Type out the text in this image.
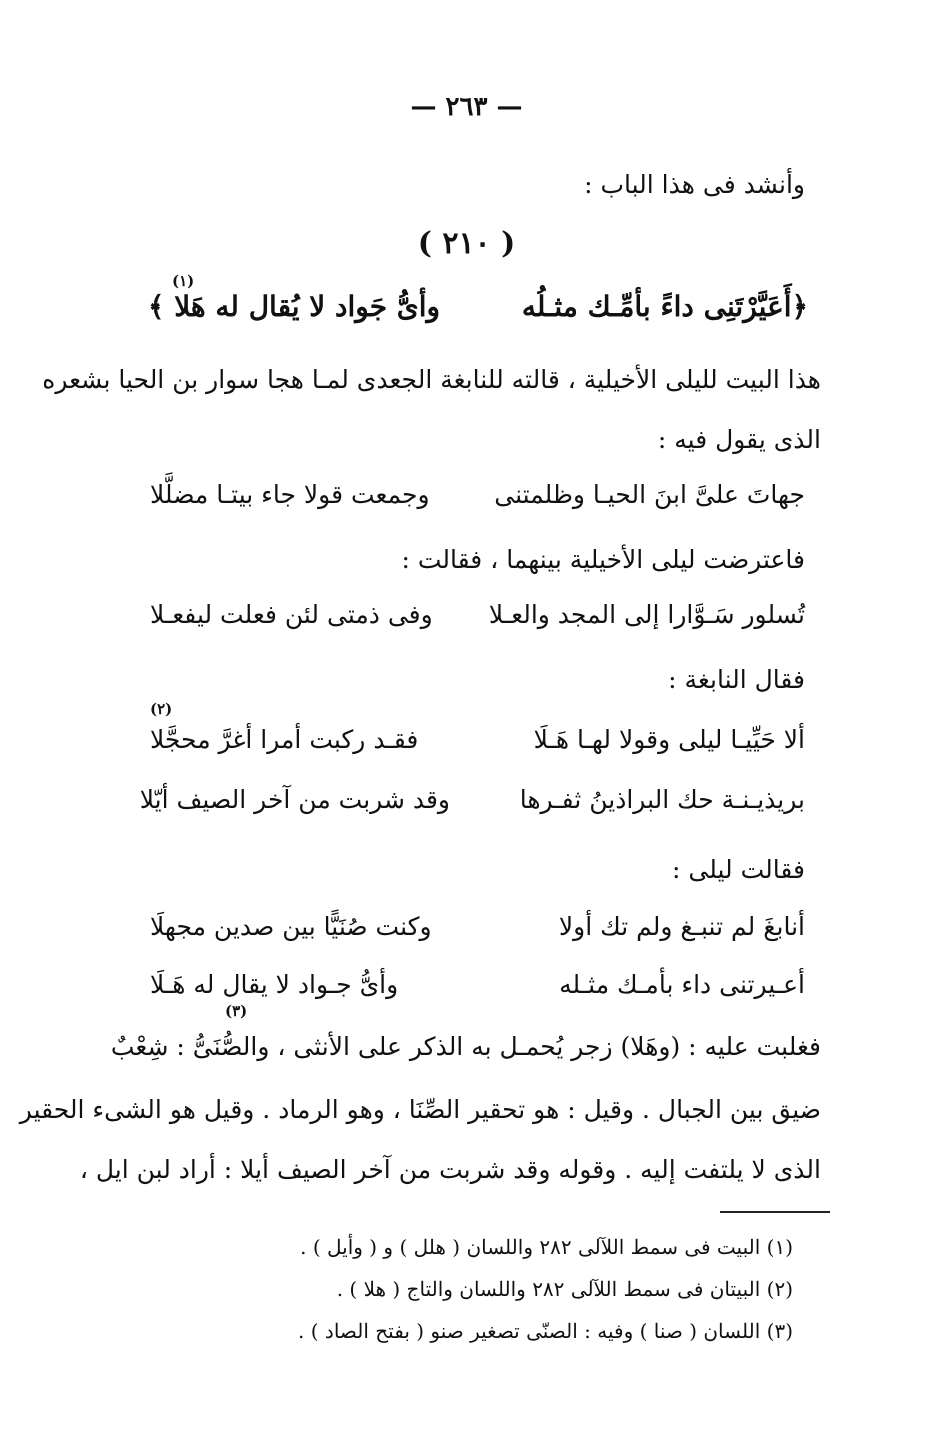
— ٢٦٣ —
وأنشد فى هذا الباب :
( ٢١٠ )
(١)
﴿أَعَيَّرْتَنِى داءً بأمِّـك مثـلُه
وأىُّ جَواد لا يُقال له هَلا ﴾
هذا البيت لليلى الأخيلية ، قالته للنابغة الجعدى لمـا هجا سوار بن الحيا بشعره
الذى يقول فيه :
جهاتَ علىَّ ابنَ الحيـا وظلمتنى
وجمعت قولا جاء بيتـا مضلَّلا
فاعترضت ليلى الأخيلية بينهما ، فقالت :
تُسلور سَـوَّارا إلى المجد والعـلا
وفى ذمتى لئن فعلت ليفعـلا
فقال النابغة :
(٢)
ألا حَيِّيـا ليلى وقولا لهـا هَـلَا
فقـد ركبت أمرا أغرَّ محجَّلا
بريذيـنـة حك البراذينُ ثفـرها
وقد شربت من آخر الصيف أيّلا
فقالت ليلى :
أنابغَ لم تنبـغ ولم تك أولا
وكنت صُنَيًّا بين صدين مجهلَا
أعـيرتنى داء بأمـك مثـله
وأىُّ جـواد لا يقال له هَـلَا
(٣)
فغلبت عليه : (وهَلا) زجر يُحمـل به الذكر على الأنثى ، والصُّنَىُّ : شِعْبٌ
ضيق بين الجبال . وقيل : هو تحقير الصِّنَا ، وهو الرماد . وقيل هو الشىء الحقير
الذى لا يلتفت إليه . وقوله وقد شربت من آخر الصيف أيلا : أراد لبن ايل ،
(١) البيت فى سمط اللآلى ٢٨٢ واللسان ( هلل ) و ( وأيل ) .
(٢) البيتان فى سمط اللآلى ٢٨٢ واللسان والتاج ( هلا ) .
(٣) اللسان ( صنا ) وفيه : الصنّى تصغير صنو ( بفتح الصاد ) .
